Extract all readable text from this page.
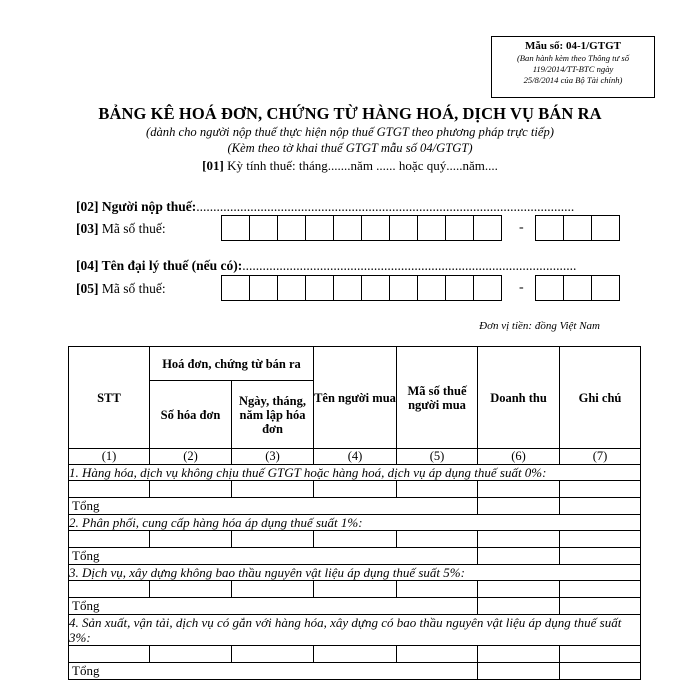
Mẫu số: 04-1/GTGT
(Ban hành kèm theo Thông tư số
119/2014/TT-BTC ngày
25/8/2014 của Bộ Tài chính)
BẢNG KÊ HOÁ ĐƠN, CHỨNG TỪ HÀNG HOÁ, DỊCH VỤ BÁN RA
(dành cho người nộp thuế thực hiện nộp thuế GTGT theo phương pháp trực tiếp)
(Kèm theo tờ khai thuế GTGT mẫu số 04/GTGT)
[01] Kỳ tính thuế: tháng.......năm ...... hoặc quý.....năm....
[02] Người nộp thuế:................................................................................................................
[03] Mã số thuế:	-
[04] Tên đại lý thuế (nếu có):...................................................................................................
[05] Mã số thuế:	-
Đơn vị tiền: đồng Việt Nam
STT	Hoá đơn, chứng từ bán ra		Tên người mua	Mã số thuế người mua	Doanh thu	Ghi chú
	Số hóa đơn	Ngày, tháng, năm lập hóa đơn				
(1)	(2)	(3)	(4)	(5)	(6)	(7)
1. Hàng hóa, dịch vụ không chịu thuế GTGT hoặc hàng hoá, dịch vụ áp dụng thuế suất 0%:						

Tổng						
2. Phân phối, cung cấp hàng hóa áp dụng thuế suất 1%:						

Tổng						
3. Dịch vụ, xây dựng không bao thầu nguyên vật liệu áp dụng thuế suất 5%:						

Tổng						
4. Sản xuất, vận tải, dịch vụ có gắn với hàng hóa, xây dựng có bao thầu nguyên vật liệu áp dụng thuế suất 3%:						

Tổng						
